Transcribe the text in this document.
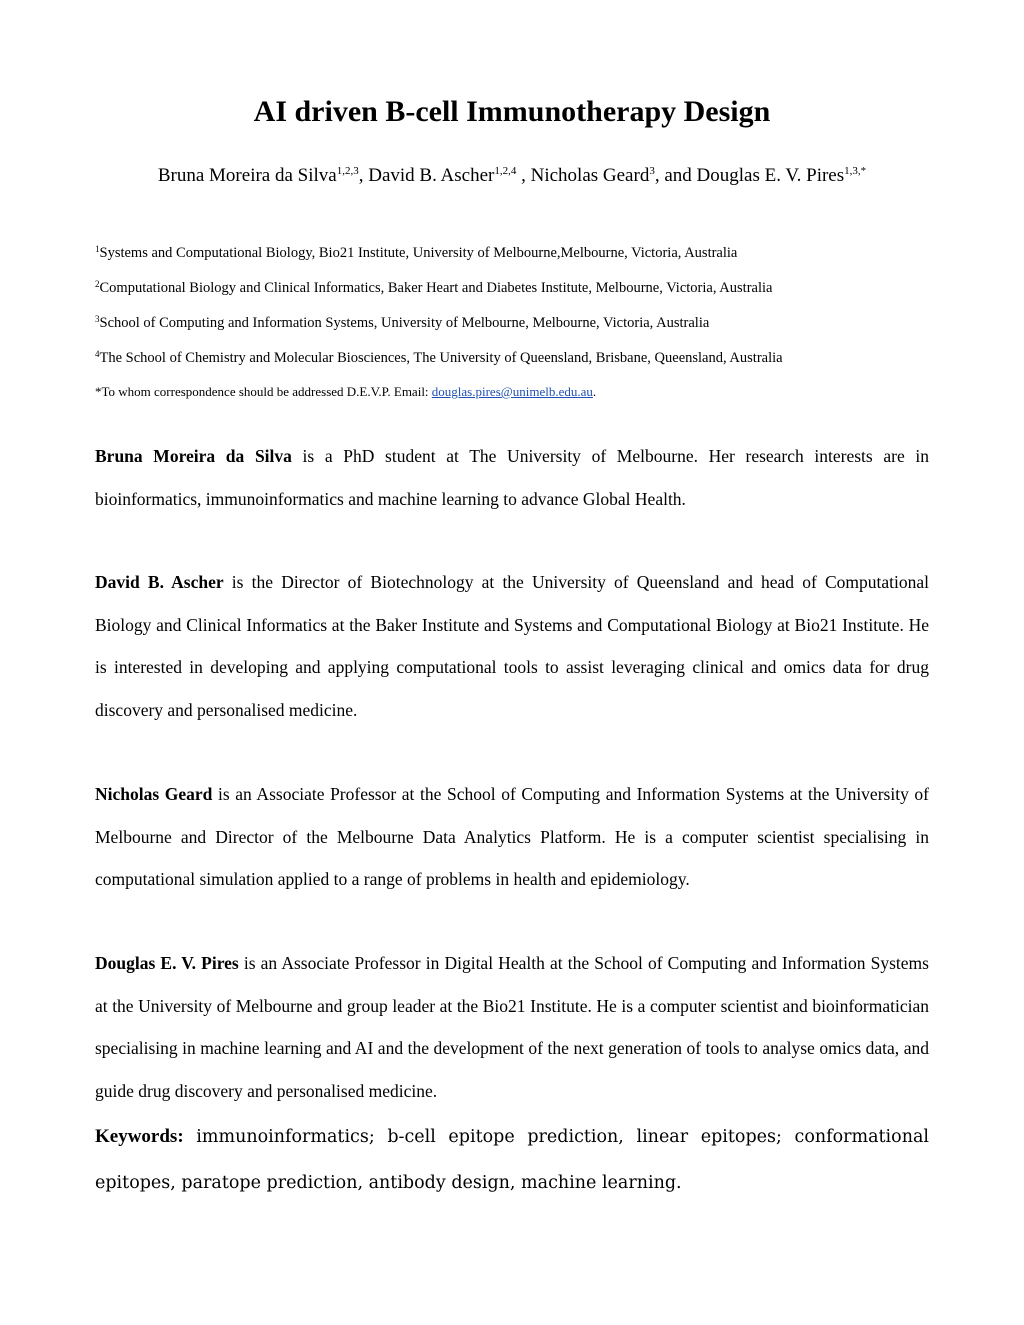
AI driven B-cell Immunotherapy Design
Bruna Moreira da Silva$^{1,2,3}$, David B. Ascher$^{1,2,4}$ , Nicholas Geard$^3$, and Douglas E. V. Pires$^{1,3,*}$
$^1$Systems and Computational Biology, Bio21 Institute, University of Melbourne,Melbourne, Victoria, Australia
$^2$Computational Biology and Clinical Informatics, Baker Heart and Diabetes Institute, Melbourne, Victoria, Australia
$^3$School of Computing and Information Systems, University of Melbourne, Melbourne, Victoria, Australia
$^4$The School of Chemistry and Molecular Biosciences, The University of Queensland, Brisbane, Queensland, Australia
*To whom correspondence should be addressed D.E.V.P. Email: douglas.pires@unimelb.edu.au.
Bruna Moreira da Silva is a PhD student at The University of Melbourne. Her research interests are in bioinformatics, immunoinformatics and machine learning to advance Global Health.
David B. Ascher is the Director of Biotechnology at the University of Queensland and head of Computational Biology and Clinical Informatics at the Baker Institute and Systems and Computational Biology at Bio21 Institute. He is interested in developing and applying computational tools to assist leveraging clinical and omics data for drug discovery and personalised medicine.
Nicholas Geard is an Associate Professor at the School of Computing and Information Systems at the University of Melbourne and Director of the Melbourne Data Analytics Platform. He is a computer scientist specialising in computational simulation applied to a range of problems in health and epidemiology.
Douglas E. V. Pires is an Associate Professor in Digital Health at the School of Computing and Information Systems at the University of Melbourne and group leader at the Bio21 Institute. He is a computer scientist and bioinformatician specialising in machine learning and AI and the development of the next generation of tools to analyse omics data, and guide drug discovery and personalised medicine.
Keywords: immunoinformatics; b-cell epitope prediction, linear epitopes; conformational epitopes, paratope prediction, antibody design, machine learning.
